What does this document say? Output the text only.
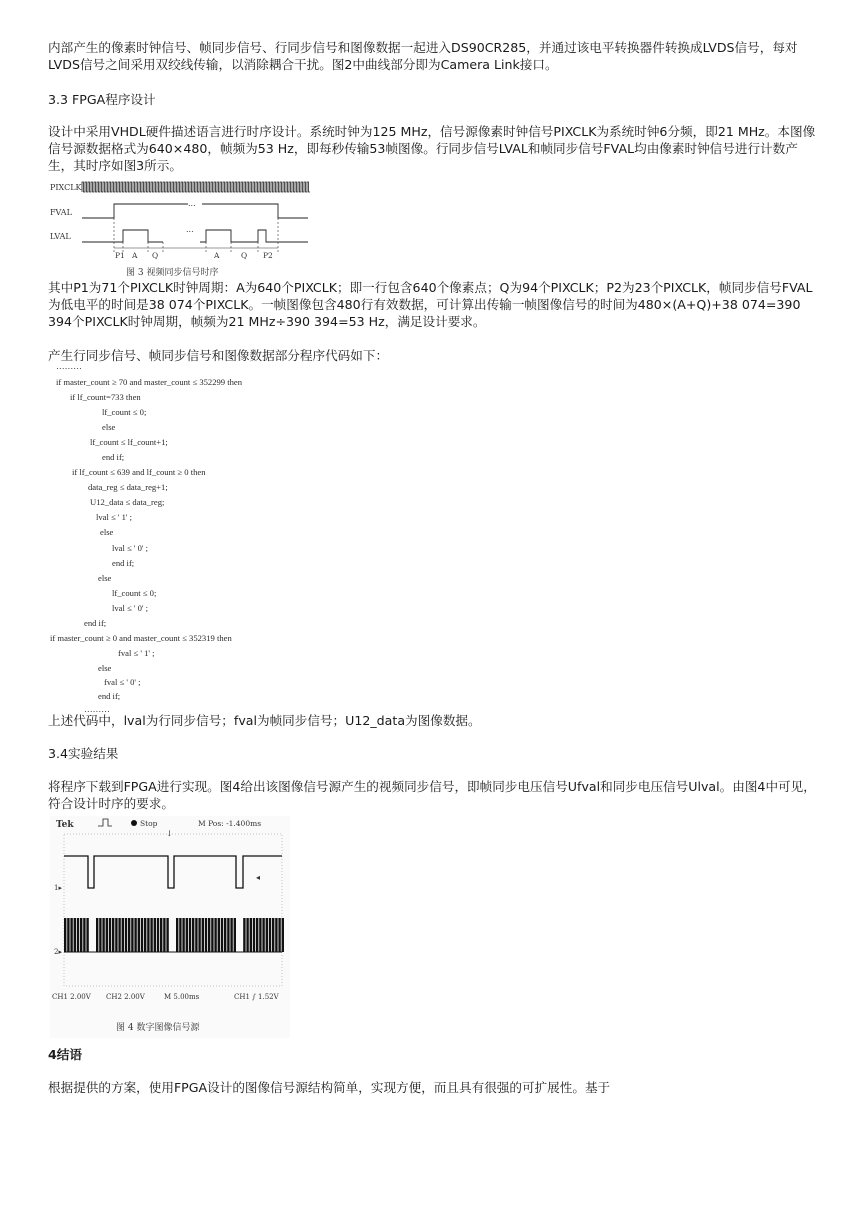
内部产生的像素时钟信号、帧同步信号、行同步信号和图像数据一起进入DS90CR285，并通过该电平转换器件转换成LVDS信号，每对LVDS信号之间采用双绞线传输，以消除耦合干扰。图2中曲线部分即为Camera Link接口。

3.3 FPGA程序设计

设计中采用VHDL硬件描述语言进行时序设计。系统时钟为125 MHz，信号源像素时钟信号PIXCLK为系统时钟6分频，即21 MHz。本图像信号源数据格式为640×480，帧频为53 Hz，即每秒传输53帧图像。行同步信号LVAL和帧同步信号FVAL均由像素时钟信号进行计数产生，其时序如图3所示。

PIXCLK
FVAL
...
LVAL
...
P1 A Q	A	Q P2
图 3 视频同步信号时序

其中P1为71个PIXCLK时钟周期：A为640个PIXCLK；即一行包含640个像素点；Q为94个PIXCLK；P2为23个PIXCLK，帧同步信号FVAL为低电平的时间是38 074个PIXCLK。一帧图像包含480行有效数据，可计算出传输一帧图像信号的时间为480×(A+Q)+38 074=390 394个PIXCLK时钟周期，帧频为21 MHz÷390 394=53 Hz，满足设计要求。

产生行同步信号、帧同步信号和图像数据部分程序代码如下：

………
if master_count ≥ 70 and master_count ≤ 352299 then
if lf_count=733 then
lf_count ≤ 0;
else
lf_count ≤ lf_count+1;
end if;
if lf_count ≤ 639 and lf_count ≥ 0 then
data_reg ≤ data_reg+1;
U12_data ≤ data_reg;
lval ≤ ' 1' ;
else
lval ≤ ' 0' ;
end if;
else
lf_count ≤ 0;
lval ≤ ' 0' ;
end if;
if master_count ≥ 0 and master_count ≤ 352319 then
fval ≤ ' 1' ;
else
fval ≤ ' 0' ;
end if;
………

上述代码中，lval为行同步信号；fval为帧同步信号；U12_data为图像数据。

3.4实验结果

将程序下载到FPGA进行实现。图4给出该图像信号源产生的视频同步信号，即帧同步电压信号Ufval和同步电压信号Ulval。由图4中可见，符合设计时序的要求。

Tek	Stop	M Pos: -1.400ms
↓
1▸
◂
2▸
CH1 2.00V CH2 2.00V	M 5.00ms	CH1 ∫ 1.52V
图 4 数字图像信号源

4结语

根据提供的方案，使用FPGA设计的图像信号源结构简单，实现方便，而且具有很强的可扩展性。基于
